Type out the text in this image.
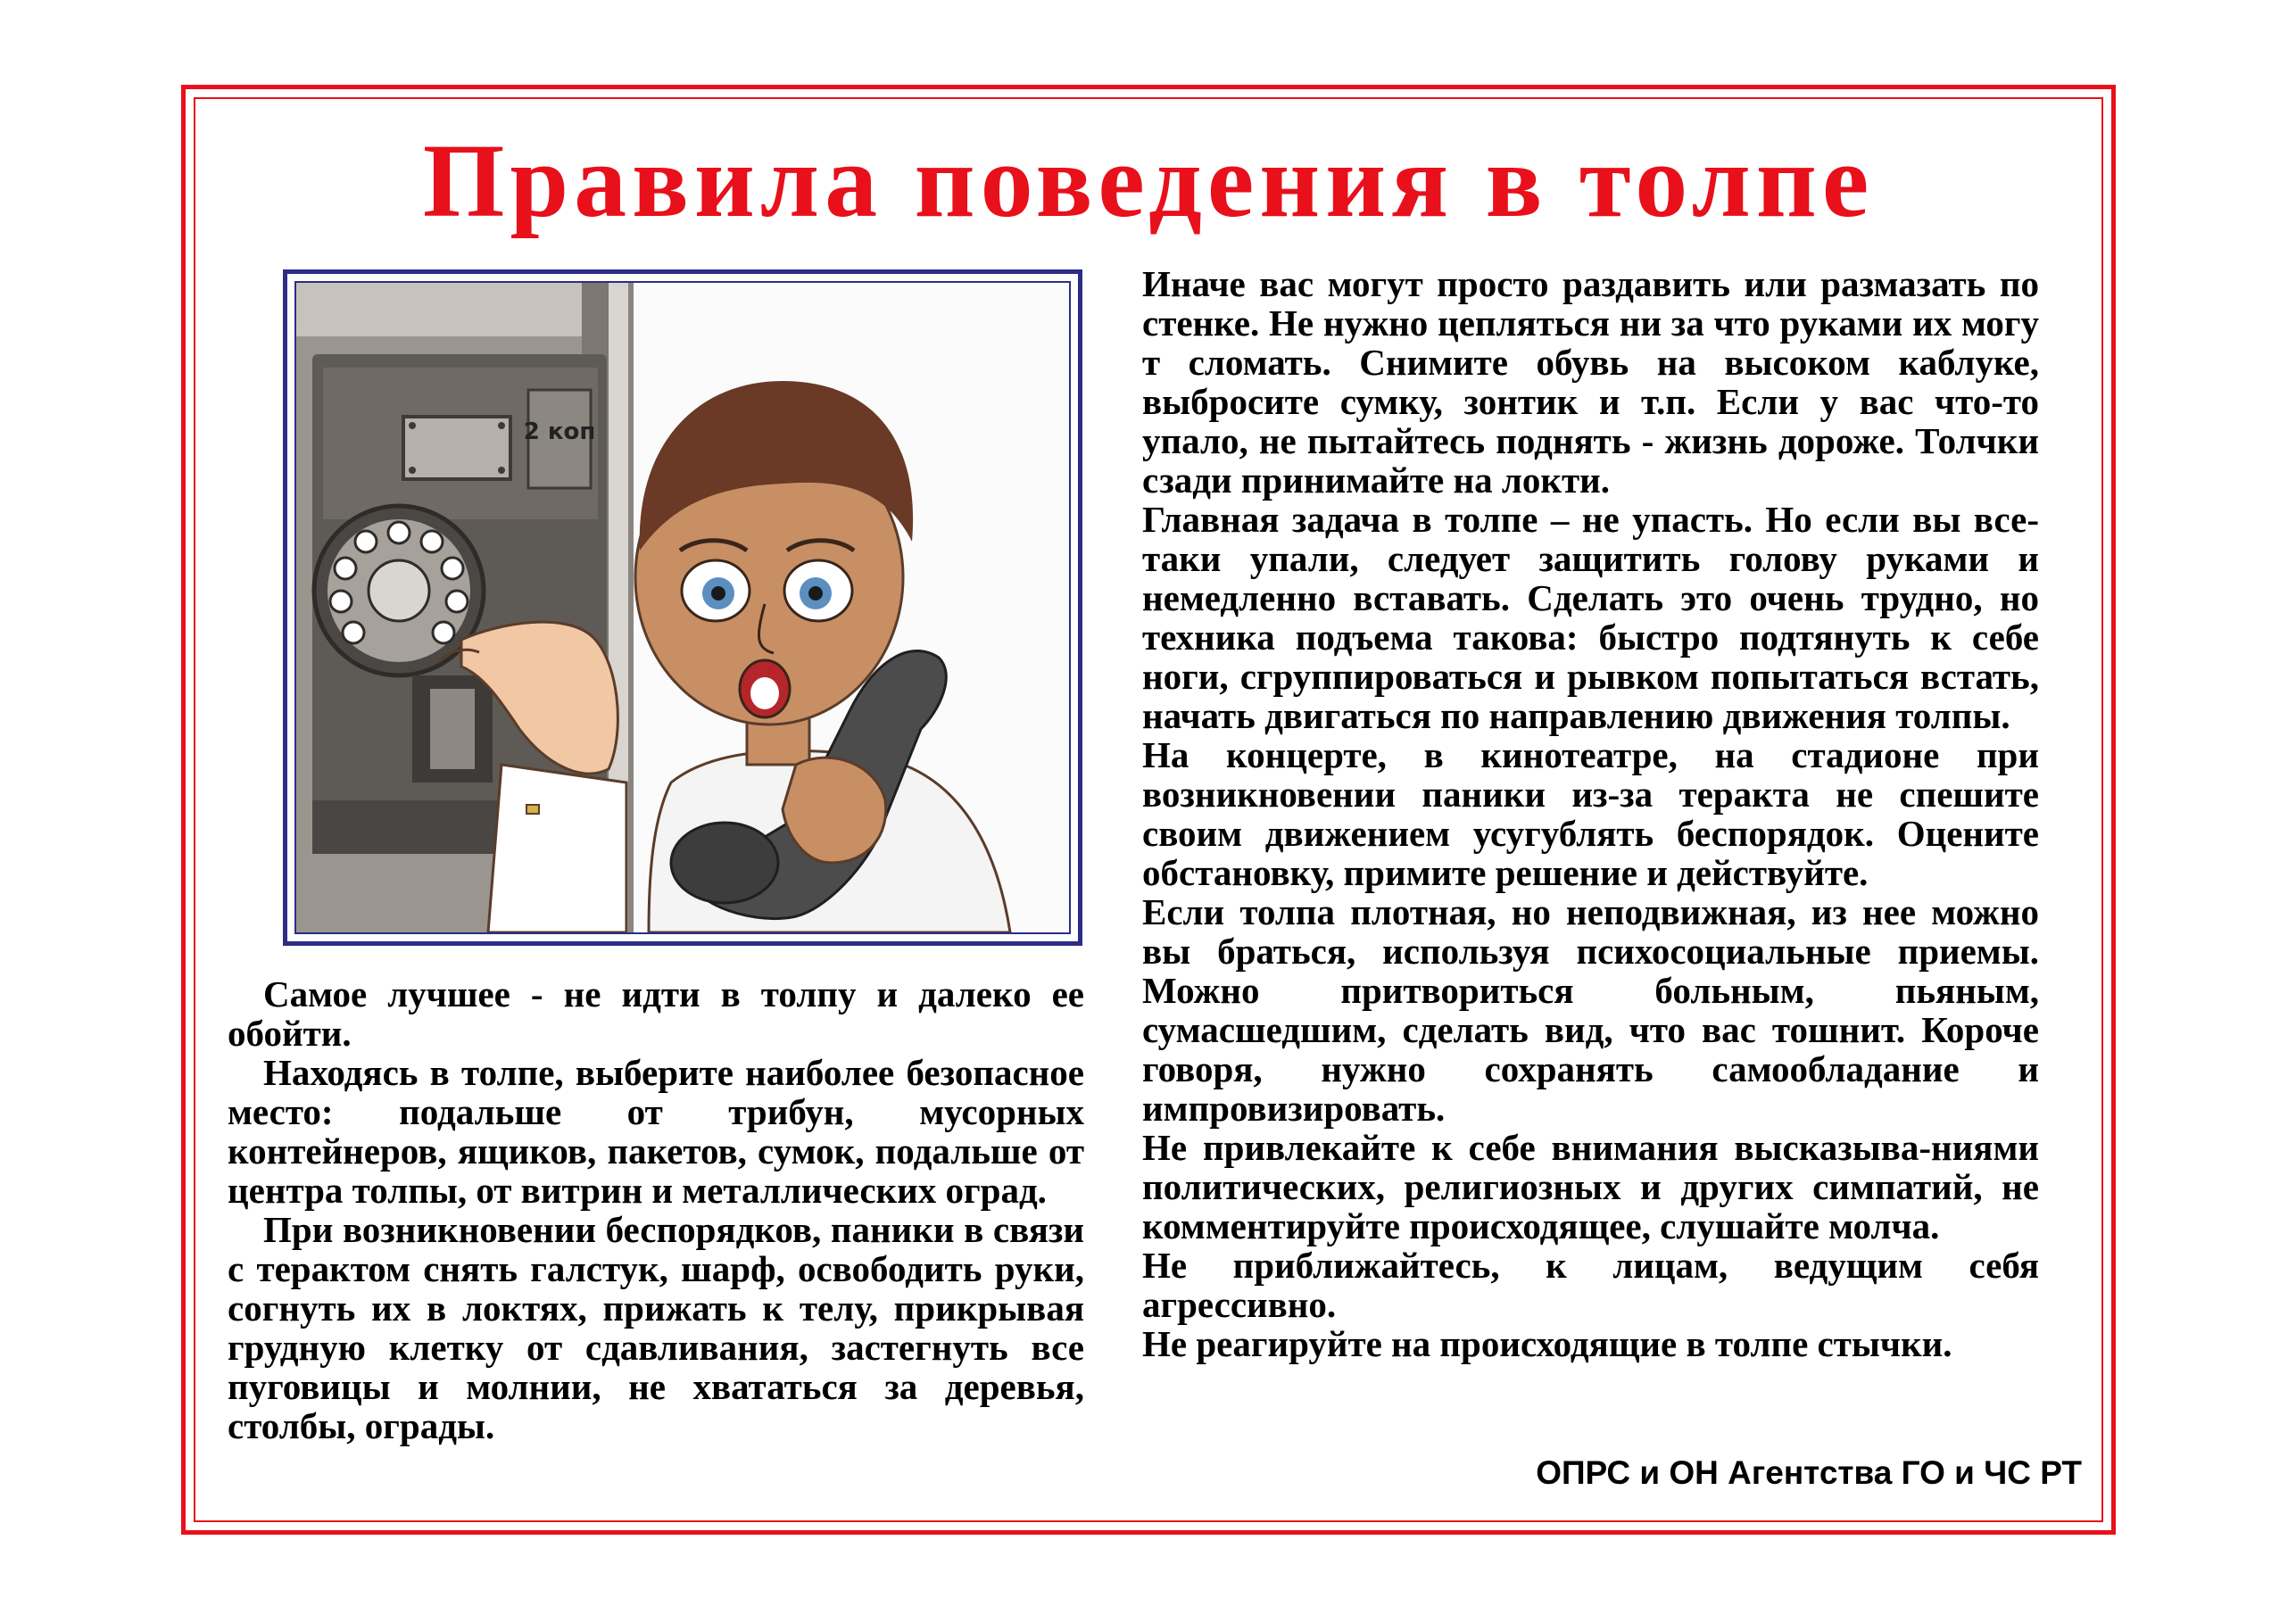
Правила поведения в толпе
2 коп

Самое лучшее - не идти в толпу и далеко ее обойти.

Находясь в толпе, выберите наиболее безопасное место: подальше от трибун, мусорных контейнеров, ящиков, пакетов, сумок, подальше от центра толпы, от витрин и металлических оград.

При возникновении беспорядков, паники в связи с терактом снять галстук, шарф, освободить руки, согнуть их в локтях, прижать к телу, прикрывая грудную клетку от сдавливания, застегнуть все пуговицы и молнии, не хвататься за деревья, столбы, ограды.

Иначе вас могут просто раздавить или размазать по стенке. Не нужно цепляться ни за что руками их могу т сломать. Снимите обувь на высоком каблуке, выбросите сумку, зонтик и т.п. Если у вас что-то упало, не пытайтесь поднять - жизнь дороже. Толчки сзади принимайте на локти.

Главная задача в толпе – не упасть. Но если вы все-таки упали, следует защитить голову руками и немедленно вставать. Сделать это очень трудно, но техника подъема такова: быстро подтянуть к себе ноги, сгруппироваться и рывком попытаться встать, начать двигаться по направлению движения толпы.

На концерте, в кинотеатре, на стадионе при возникновении паники из-за теракта не спешите своим движением усугублять беспорядок. Оцените обстановку, примите решение и действуйте.

Если толпа плотная, но неподвижная, из нее можно вы браться, используя психосоциальные приемы. Можно притвориться больным, пьяным, сумасшедшим, сделать вид, что вас тошнит. Короче говоря, нужно сохранять самообладание и импровизировать.

Не привлекайте к себе внимания высказыва-ниями политических, религиозных и других симпатий, не комментируйте происходящее, слушайте молча.

Не приближайтесь, к лицам, ведущим себя агрессивно.

Не реагируйте на происходящие в толпе стычки.

ОПРС и ОН Агентства ГО и ЧС РТ
